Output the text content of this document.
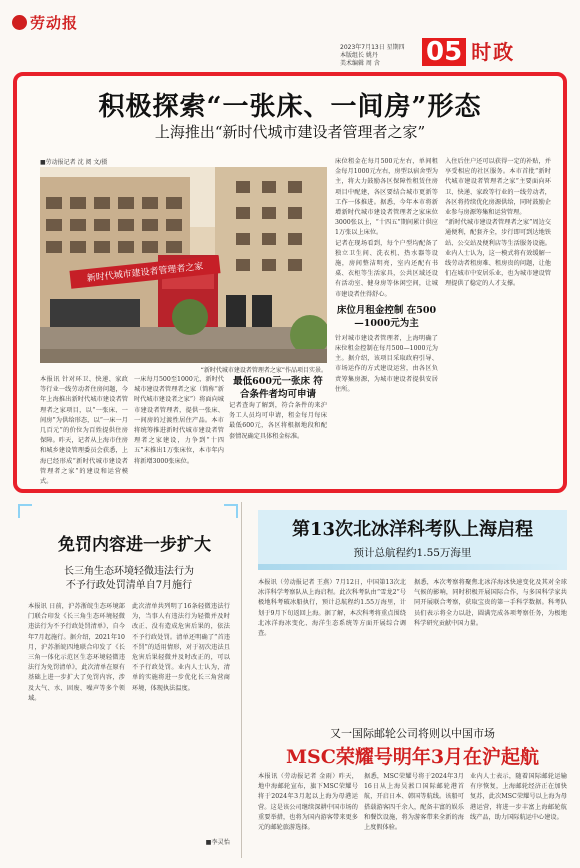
劳动报
2023年7月13日 星期四
本版组长 姚丹
美术编辑 周 含	05 时政
积极探索“一张床、一间房”形态
上海推出“新时代城市建设者管理者之家”
■劳动报记者 沈 阅 文/摄
新时代城市建设者管理者之家
“新时代城市建设者管理者之家”作品项目实景。
本报讯 针对环卫、快递、家政等行业一线劳动者住房问题，今年上海推出新时代城市建设者管理者之家项目，以“一张床、一间房”为供给形态，以“一床一月几百元”的价位为百姓提供住房保障。昨天，记者从上海市住房和城乡建设管理委员会获悉，上海已经形成“新时代城市建设者管理者之家”的建设和运营模式。
一床每月500至1000元，新时代城市建设者管理者之家（简称“新时代城市建设者之家”）将面向城市建设者管理者，提供一张床、一间房的过渡性居住产品。本市将统筹推进新时代城市建设者管理者之家建设，力争到“十四五”末推出1万张床位，本市年内将新增3000张床位。
最低600元一张床 符合条件者均可申请
记者查询了解到，符合条件的来沪务工人员均可申请，租金每月每床最低600元，各区将根据地段和配套情况确定具体租金标准。
床位租金在每月500元左右，单间租金每月1000元左右，房型以宿舍型为主，将大力鼓励各区保障性租赁住房项目中配建，各区要结合城市更新等工作一体推进。据悉，今年本市将新增新时代城市建设者管理者之家床位3000张以上，“十四五”期间累计供应1万张以上床位。
记者在现场看到，每个户型均配备了独立卫生间、洗衣机、热水器等设施，房间整洁明亮，室内还配有书桌、衣柜等生活家具，公共区域还设有活动室、健身房等休闲空间，让城市建设者住得舒心。
床位月租金控制 在500—1000元为主
针对城市建设者管理者，上海明确了床位租金控制在每月500—1000元为主。据介绍，该项目采取政府引导、市场运作的方式建设运营，由各区负责筹集房源，为城市建设者提供安居住所。
入住后住户还可以获得一定的补贴，并享受相应的社区服务。本市首批“新时代城市建设者管理者之家”主要面向环卫、快递、家政等行业的一线劳动者，各区将持续优化房源供给，同时鼓励企业参与房源筹集和运营管理。
“新时代城市建设者管理者之家”周边交通便利，配套齐全，步行即可到达地铁站、公交站及便利店等生活服务设施。业内人士认为，这一模式将有效缓解一线劳动者租房难、租房贵的问题，让他们在城市中安居乐业，也为城市建设管理提供了稳定的人才支撑。
免罚内容进一步扩大
长三角生态环境轻微违法行为
不予行政处罚清单自7月施行
本报讯 日前，沪苏浙皖生态环境部门联合印发《长三角生态环境轻微违法行为不予行政处罚清单》，自今年7月起施行。据介绍，2021年10月，沪苏浙皖四地联合印发了《长三角一体化示范区生态环境轻微违法行为免罚清单》，此次清单在原有基础上进一步扩大了免罚内容，涉及大气、水、固废、噪声等多个领域。
此次清单共列明了16条轻微违法行为，当事人有违法行为轻微并及时改正、没有造成危害后果的，依法不予行政处罚。清单还明确了“首违不罚”的适用情形，对于初次违法且危害后果轻微并及时改正的，可以不予行政处罚。业内人士认为，清单的实施将进一步优化长三角营商环境，体现执法温度。
■李灵怡
第13次北冰洋科考队上海启程
预计总航程约1.55万海里
本报讯（劳动报记者 王燕）7月12日，中国第13次北冰洋科学考察队从上海启程。此次科考队由“雪龙2”号极地科考破冰船执行，预计总航程约1.55万海里，计划于9月下旬返回上海。据了解，本次科考将重点围绕北冰洋海冰变化、海洋生态系统等方面开展综合调查。
据悉，本次考察将聚焦北冰洋海冰快速变化及其对全球气候的影响，同时积极开展国际合作，与多国科学家共同开展联合考察，获取宝贵的第一手科学数据。科考队员们表示将全力以赴，圆满完成各项考察任务，为极地科学研究贡献中国力量。
又一国际邮轮公司将则以中国市场
MSC荣耀号明年3月在沪起航
本报讯（劳动报记者 金雨）昨天，地中海邮轮宣布，旗下MSC荣耀号将于2024年3月起以上海为母港运营。这是该公司继续深耕中国市场的重要举措，也将为国内游客带来更多元的邮轮旅游选择。
据悉，MSC荣耀号将于2024年3月16日从上海吴淞口国际邮轮港首航，开启日本、韩国等航线。该船可搭载游客四千余人，配备丰富的娱乐和餐饮设施，将为游客带来全新的海上度假体验。
业内人士表示，随着国际邮轮运输有序恢复，上海邮轮经济正在加快复苏，此次MSC荣耀号以上海为母港运营，将进一步丰富上海邮轮航线产品，助力国际航运中心建设。
